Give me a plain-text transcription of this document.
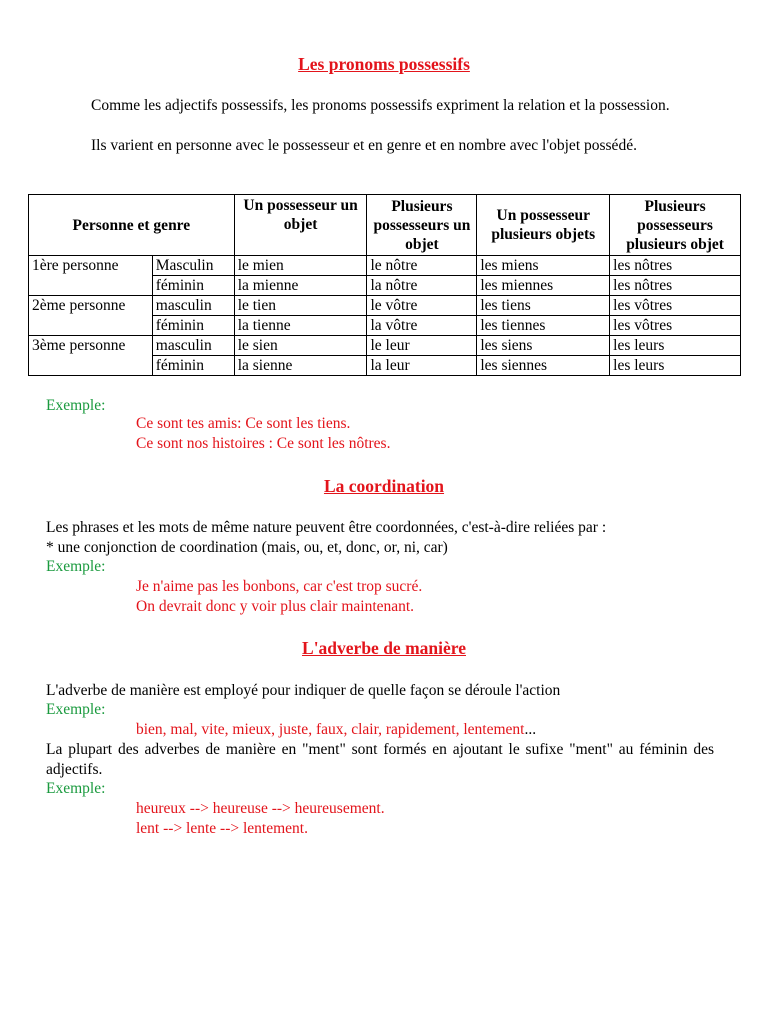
Les pronoms possessifs
Comme les adjectifs possessifs, les pronoms possessifs expriment la relation et la possession.
Ils varient en personne avec le possesseur et en genre et en nombre avec l'objet possédé.
Personne et genre		Un possesseur un objet	Plusieurs possesseurs un objet	Un possesseur plusieurs objets	Plusieurs possesseurs plusieurs objet
1ère personne	Masculin	le mien	le nôtre	les miens	les nôtres
	féminin	la mienne	la nôtre	les miennes	les nôtres
2ème personne	masculin	le tien	le vôtre	les tiens	les vôtres
	féminin	la tienne	la vôtre	les tiennes	les vôtres
3ème personne	masculin	le sien	le leur	les siens	les leurs
	féminin	la sienne	la leur	les siennes	les leurs
Exemple:
Ce sont tes amis: Ce sont les tiens.
Ce sont nos histoires : Ce sont les nôtres.
La coordination
Les phrases et les mots de même nature peuvent être coordonnées, c'est-à-dire reliées par :
* une conjonction de coordination (mais, ou, et, donc, or, ni, car)
Exemple:
Je n'aime pas les bonbons, car c'est trop sucré.
On devrait donc y voir plus clair maintenant.
L'adverbe de manière
L'adverbe de manière est employé pour indiquer de quelle façon se déroule l'action
Exemple:
bien, mal, vite, mieux, juste, faux, clair, rapidement, lentement...
La plupart des adverbes de manière en "ment" sont formés en ajoutant le sufixe "ment" au féminin des adjectifs.
Exemple:
heureux --> heureuse --> heureusement.
lent --> lente --> lentement.
